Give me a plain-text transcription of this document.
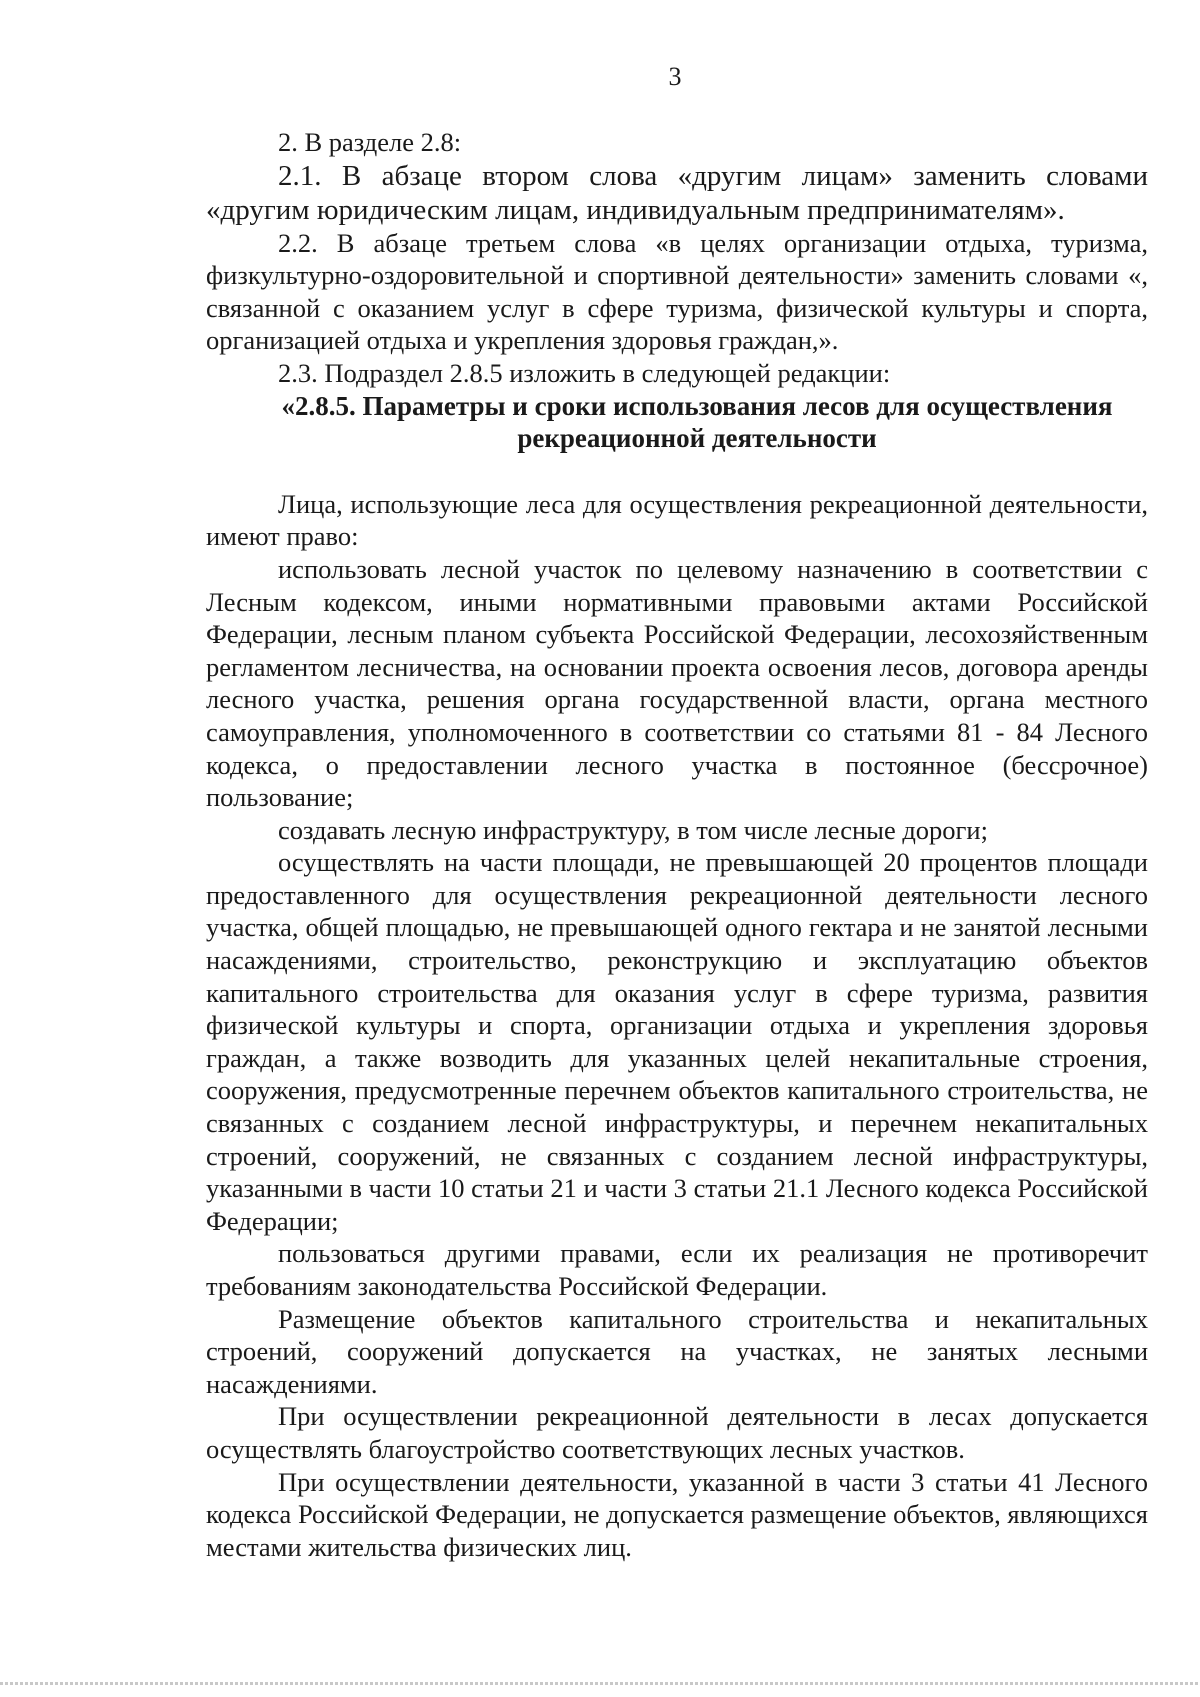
3

2. В разделе 2.8:

2.1. В абзаце втором слова «другим лицам» заменить словами «другим юридическим лицам, индивидуальным предпринимателям».

2.2. В абзаце третьем слова «в целях организации отдыха, туризма, физкультурно-оздоровительной и спортивной деятельности» заменить словами «, связанной с оказанием услуг в сфере туризма, физической культуры и спорта, организацией отдыха и укрепления здоровья граждан,».

2.3. Подраздел 2.8.5 изложить в следующей редакции:

«2.8.5. Параметры и сроки использования лесов для осуществления рекреационной деятельности

Лица, использующие леса для осуществления рекреационной деятельности, имеют право:

использовать лесной участок по целевому назначению в соответствии с Лесным кодексом, иными нормативными правовыми актами Российской Федерации, лесным планом субъекта Российской Федерации, лесохозяйственным регламентом лесничества, на основании проекта освоения лесов, договора аренды лесного участка, решения органа государственной власти, органа местного самоуправления, уполномоченного в соответствии со статьями 81 - 84 Лесного кодекса, о предоставлении лесного участка в постоянное (бессрочное) пользование;

создавать лесную инфраструктуру, в том числе лесные дороги;

осуществлять на части площади, не превышающей 20 процентов площади предоставленного для осуществления рекреационной деятельности лесного участка, общей площадью, не превышающей одного гектара и не занятой лесными насаждениями, строительство, реконструкцию и эксплуатацию объектов капитального строительства для оказания услуг в сфере туризма, развития физической культуры и спорта, организации отдыха и укрепления здоровья граждан, а также возводить для указанных целей некапитальные строения, сооружения, предусмотренные перечнем объектов капитального строительства, не связанных с созданием лесной инфраструктуры, и перечнем некапитальных строений, сооружений, не связанных с созданием лесной инфраструктуры, указанными в части 10 статьи 21 и части 3 статьи 21.1 Лесного кодекса Российской Федерации;

пользоваться другими правами, если их реализация не противоречит требованиям законодательства Российской Федерации.

Размещение объектов капитального строительства и некапитальных строений, сооружений допускается на участках, не занятых лесными насаждениями.

При осуществлении рекреационной деятельности в лесах допускается осуществлять благоустройство соответствующих лесных участков.

При осуществлении деятельности, указанной в части 3 статьи 41 Лесного кодекса Российской Федерации, не допускается размещение объектов, являющихся местами жительства физических лиц.
